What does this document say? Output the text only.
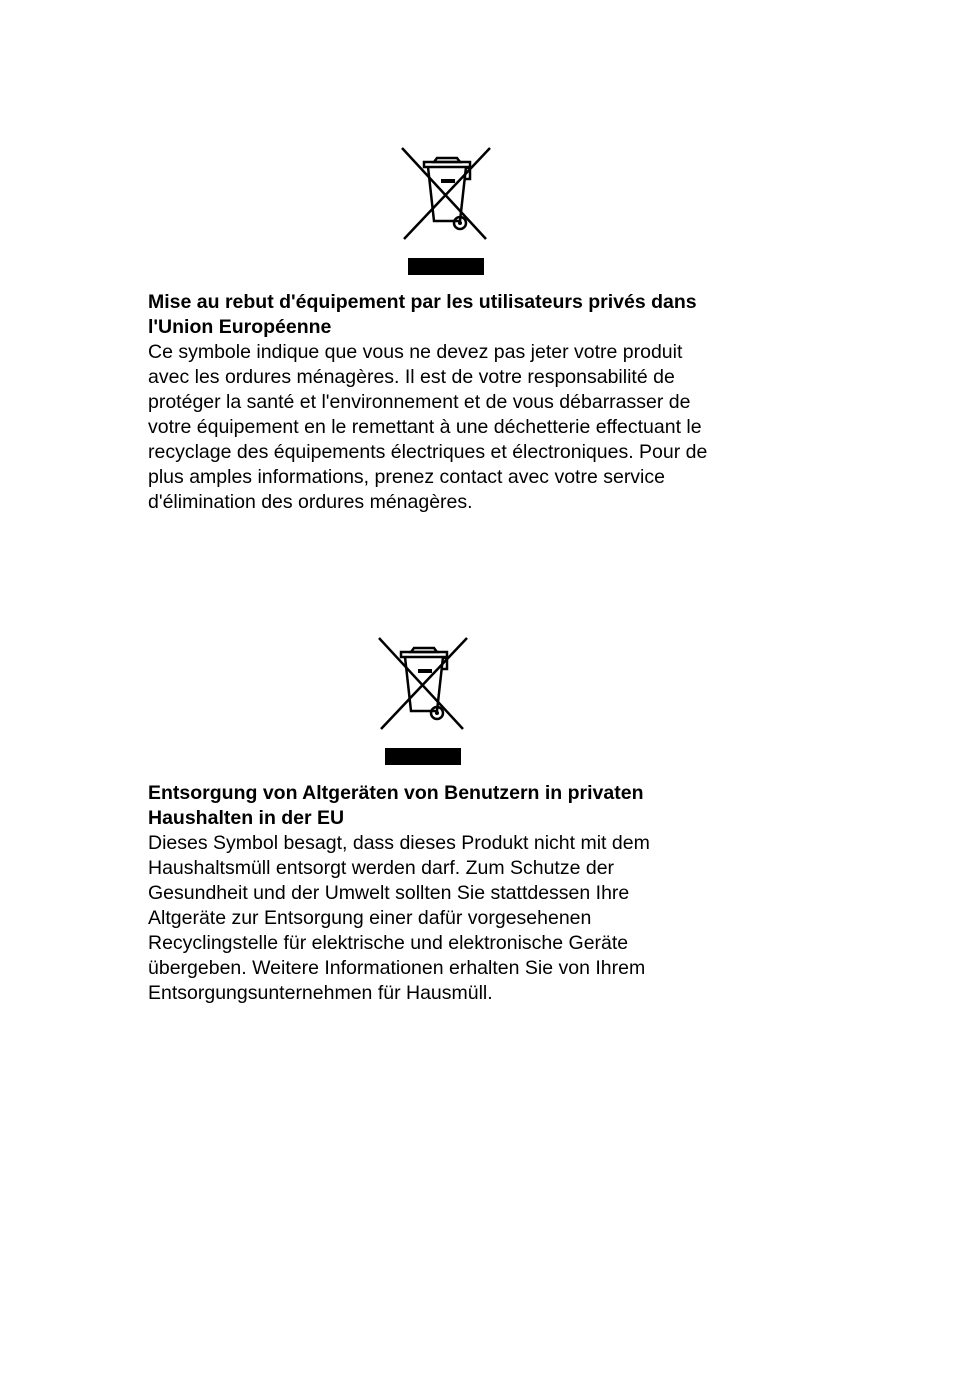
Mise au rebut d'équipement par les utilisateurs privés dans
l'Union Européenne

Ce symbole indique que vous ne devez pas jeter votre produit
avec les ordures ménagères. Il est de votre responsabilité de
protéger la santé et l'environnement et de vous débarrasser de
votre équipement en le remettant à une déchetterie effectuant le
recyclage des équipements électriques et électroniques. Pour de
plus amples informations, prenez contact avec votre service
d'élimination des ordures ménagères.

Entsorgung von Altgeräten von Benutzern in privaten
Haushalten in der EU

Dieses Symbol besagt, dass dieses Produkt nicht mit dem
Haushaltsmüll entsorgt werden darf. Zum Schutze der
Gesundheit und der Umwelt sollten Sie stattdessen Ihre
Altgeräte zur Entsorgung einer dafür vorgesehenen
Recyclingstelle für elektrische und elektronische Geräte
übergeben. Weitere Informationen erhalten Sie von Ihrem
Entsorgungsunternehmen für Hausmüll.
